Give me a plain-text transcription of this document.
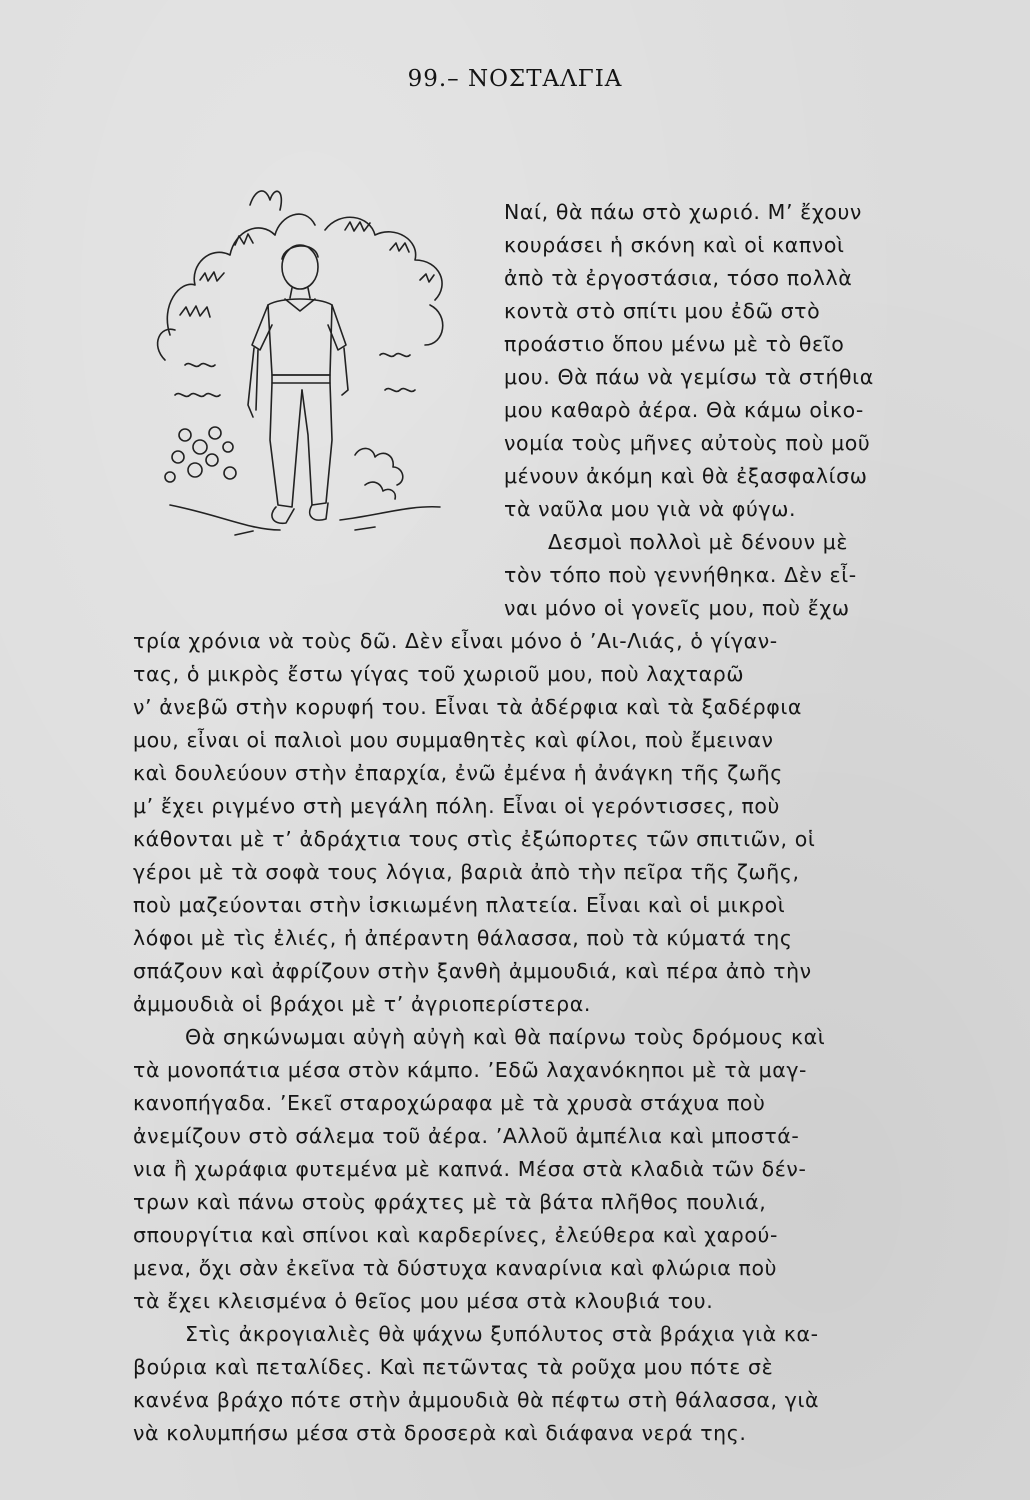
99.– ΝΟΣΤΑΛΓΙΑ
Ναί, θὰ πάω στὸ χωριό. Μ’ ἔχουν
κουράσει ἡ σκόνη καὶ οἱ καπνοὶ
ἀπὸ τὰ ἐργοστάσια, τόσο πολλὰ
κοντὰ στὸ σπίτι μου ἐδῶ στὸ
προάστιο ὅπου μένω μὲ τὸ θεῖο
μου. Θὰ πάω νὰ γεμίσω τὰ στήθια
μου καθαρὸ ἀέρα. Θὰ κάμω οἰκο-
νομία τοὺς μῆνες αὐτοὺς ποὺ μοῦ
μένουν ἀκόμη καὶ θὰ ἐξασφαλίσω
τὰ ναῦλα μου γιὰ νὰ φύγω.
Δεσμοὶ πολλοὶ μὲ δένουν μὲ
τὸν τόπο ποὺ γεννήθηκα. Δὲν εἶ-
ναι μόνο οἱ γονεῖς μου, ποὺ ἔχω
τρία χρόνια νὰ τοὺς δῶ. Δὲν εἶναι μόνο ὁ ’Αι-Λιάς, ὁ γίγαν-
τας, ὁ μικρὸς ἔστω γίγας τοῦ χωριοῦ μου, ποὺ λαχταρῶ
ν’ ἀνεβῶ στὴν κορυφή του. Εἶναι τὰ ἀδέρφια καὶ τὰ ξαδέρφια
μου, εἶναι οἱ παλιοὶ μου συμμαθητὲς καὶ φίλοι, ποὺ ἔμειναν
καὶ δουλεύουν στὴν ἐπαρχία, ἐνῶ ἐμένα ἡ ἀνάγκη τῆς ζωῆς
μ’ ἔχει ριγμένο στὴ μεγάλη πόλη. Εἶναι οἱ γερόντισσες, ποὺ
κάθονται μὲ τ’ ἀδράχτια τους στὶς ἐξώπορτες τῶν σπιτιῶν, οἱ
γέροι μὲ τὰ σοφὰ τους λόγια, βαριὰ ἀπὸ τὴν πεῖρα τῆς ζωῆς,
ποὺ μαζεύονται στὴν ἰσκιωμένη πλατεία. Εἶναι καὶ οἱ μικροὶ
λόφοι μὲ τὶς ἐλιές, ἡ ἀπέραντη θάλασσα, ποὺ τὰ κύματά της
σπάζουν καὶ ἀφρίζουν στὴν ξανθὴ ἀμμουδιά, καὶ πέρα ἀπὸ τὴν
ἀμμουδιὰ οἱ βράχοι μὲ τ’ ἀγριοπερίστερα.
Θὰ σηκώνωμαι αὐγὴ αὐγὴ καὶ θὰ παίρνω τοὺς δρόμους καὶ
τὰ μονοπάτια μέσα στὸν κάμπο. ’Εδῶ λαχανόκηποι μὲ τὰ μαγ-
κανοπήγαδα. ’Εκεῖ σταροχώραφα μὲ τὰ χρυσὰ στάχυα ποὺ
ἀνεμίζουν στὸ σάλεμα τοῦ ἀέρα. ’Αλλοῦ ἀμπέλια καὶ μποστά-
νια ἢ χωράφια φυτεμένα μὲ καπνά. Μέσα στὰ κλαδιὰ τῶν δέν-
τρων καὶ πάνω στοὺς φράχτες μὲ τὰ βάτα πλῆθος πουλιά,
σπουργίτια καὶ σπίνοι καὶ καρδερίνες, ἐλεύθερα καὶ χαρού-
μενα, ὄχι σὰν ἐκεῖνα τὰ δύστυχα καναρίνια καὶ φλώρια ποὺ
τὰ ἔχει κλεισμένα ὁ θεῖος μου μέσα στὰ κλουβιά του.
Στὶς ἀκρογιαλιὲς θὰ ψάχνω ξυπόλυτος στὰ βράχια γιὰ κα-
βούρια καὶ πεταλίδες. Καὶ πετῶντας τὰ ροῦχα μου πότε σὲ
κανένα βράχο πότε στὴν ἀμμουδιὰ θὰ πέφτω στὴ θάλασσα, γιὰ
νὰ κολυμπήσω μέσα στὰ δροσερὰ καὶ διάφανα νερά της.
